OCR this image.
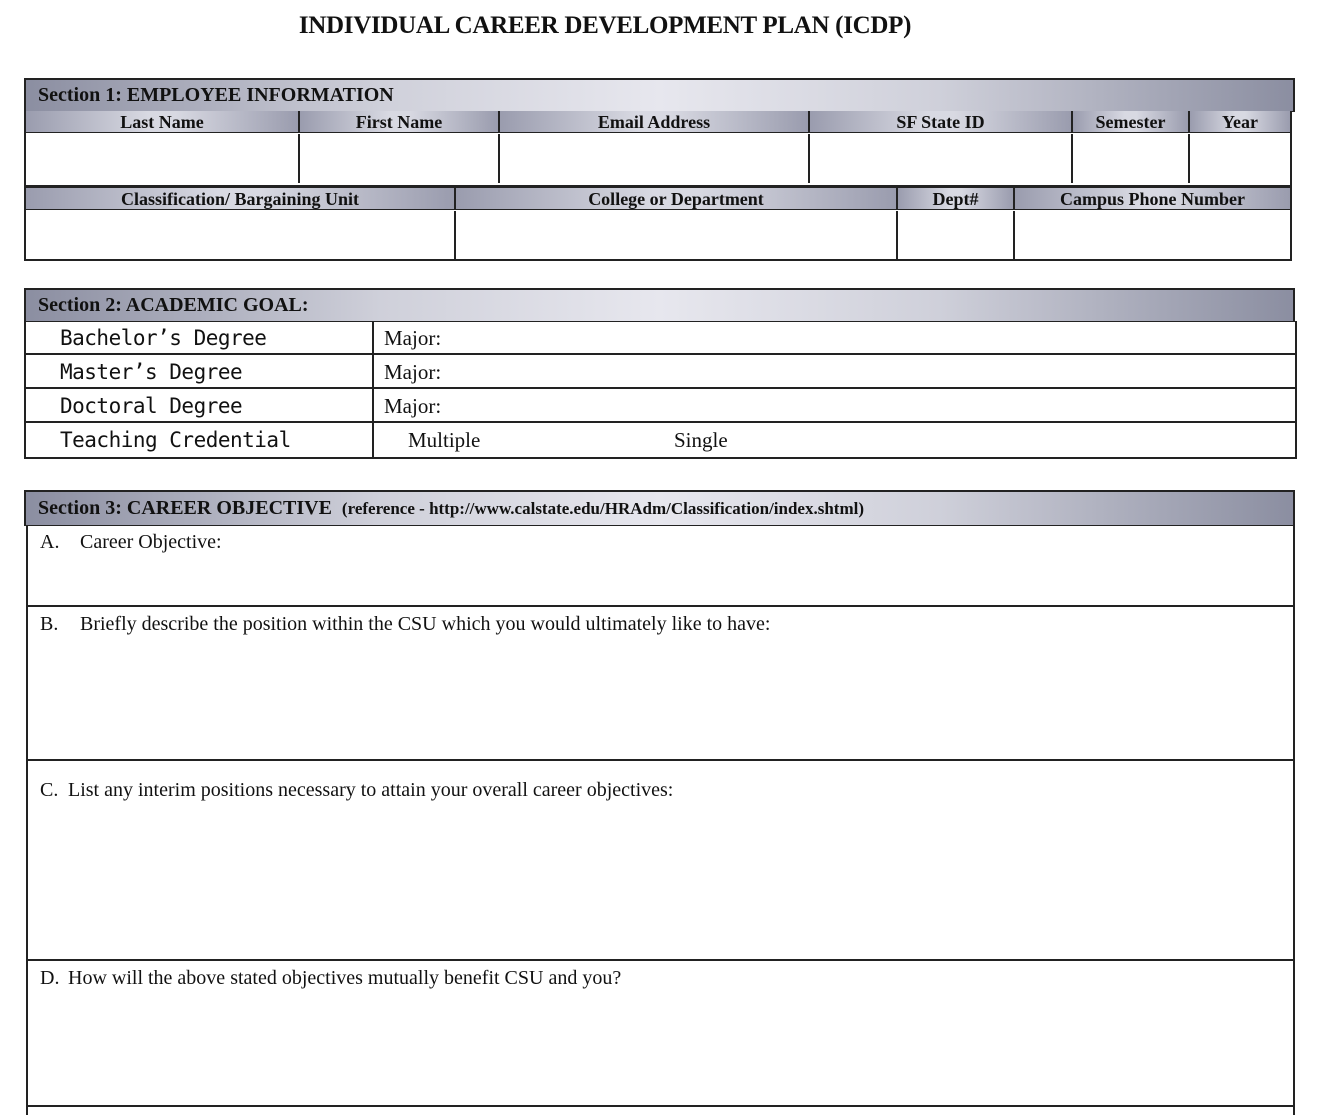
INDIVIDUAL CAREER DEVELOPMENT PLAN (ICDP)
Section 1: EMPLOYEE INFORMATION
Last Name	First Name	Email Address	SF State ID	Semester	Year
Classification/ Bargaining Unit	College or Department	Dept#	Campus Phone Number
Section 2: ACADEMIC GOAL:
Bachelor’s Degree	Major:
Master’s Degree	Major:
Doctoral Degree	Major:
Teaching Credential	Multiple	Single
Section 3: CAREER OBJECTIVE (reference - http://www.calstate.edu/HRAdm/Classification/index.shtml)
A. Career Objective:
B. Briefly describe the position within the CSU which you would ultimately like to have:
C. List any interim positions necessary to attain your overall career objectives:
D. How will the above stated objectives mutually benefit CSU and you?
